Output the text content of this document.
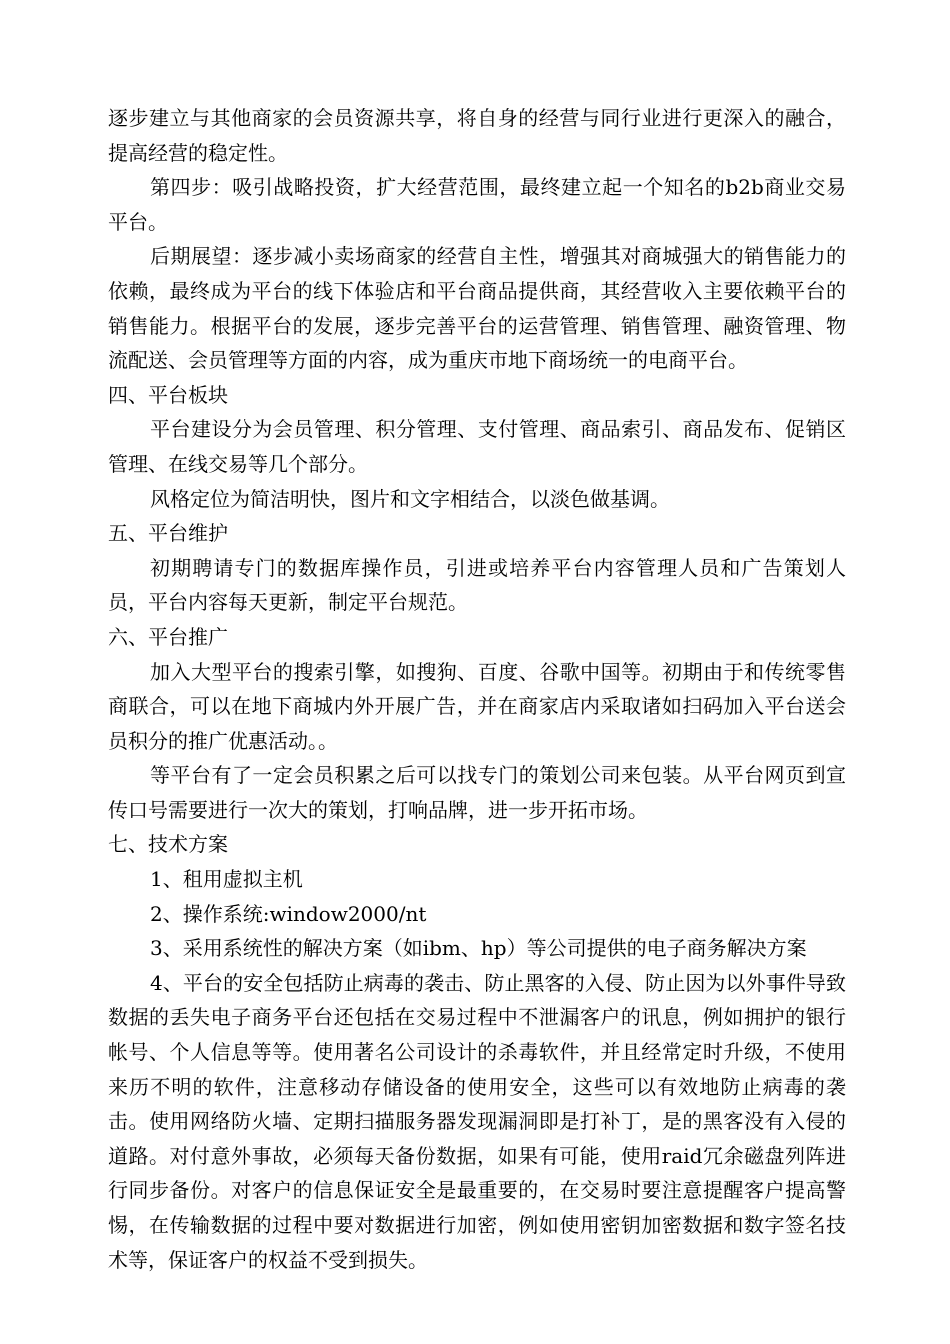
逐步建立与其他商家的会员资源共享，将自身的经营与同行业进行更深入的融合，提高经营的稳定性。

第四步：吸引战略投资，扩大经营范围，最终建立起一个知名的b2b商业交易平台。

后期展望：逐步减小卖场商家的经营自主性，增强其对商城强大的销售能力的依赖，最终成为平台的线下体验店和平台商品提供商，其经营收入主要依赖平台的销售能力。根据平台的发展，逐步完善平台的运营管理、销售管理、融资管理、物流配送、会员管理等方面的内容，成为重庆市地下商场统一的电商平台。

四、平台板块

平台建设分为会员管理、积分管理、支付管理、商品索引、商品发布、促销区管理、在线交易等几个部分。

风格定位为简洁明快，图片和文字相结合，以淡色做基调。

五、平台维护

初期聘请专门的数据库操作员，引进或培养平台内容管理人员和广告策划人员，平台内容每天更新，制定平台规范。

六、平台推广

加入大型平台的搜索引擎，如搜狗、百度、谷歌中国等。初期由于和传统零售商联合，可以在地下商城内外开展广告，并在商家店内采取诸如扫码加入平台送会员积分的推广优惠活动。。

等平台有了一定会员积累之后可以找专门的策划公司来包装。从平台网页到宣传口号需要进行一次大的策划，打响品牌，进一步开拓市场。

七、技术方案

1、租用虚拟主机

2、操作系统:window2000/nt

3、采用系统性的解决方案（如ibm、hp）等公司提供的电子商务解决方案

4、平台的安全包括防止病毒的袭击、防止黑客的入侵、防止因为以外事件导致数据的丢失电子商务平台还包括在交易过程中不泄漏客户的讯息，例如拥护的银行帐号、个人信息等等。使用著名公司设计的杀毒软件，并且经常定时升级，不使用来历不明的软件，注意移动存储设备的使用安全，这些可以有效地防止病毒的袭击。使用网络防火墙、定期扫描服务器发现漏洞即是打补丁，是的黑客没有入侵的道路。对付意外事故，必须每天备份数据，如果有可能，使用raid冗余磁盘列阵进行同步备份。对客户的信息保证安全是最重要的，在交易时要注意提醒客户提高警惕，在传输数据的过程中要对数据进行加密，例如使用密钥加密数据和数字签名技术等，保证客户的权益不受到损失。
